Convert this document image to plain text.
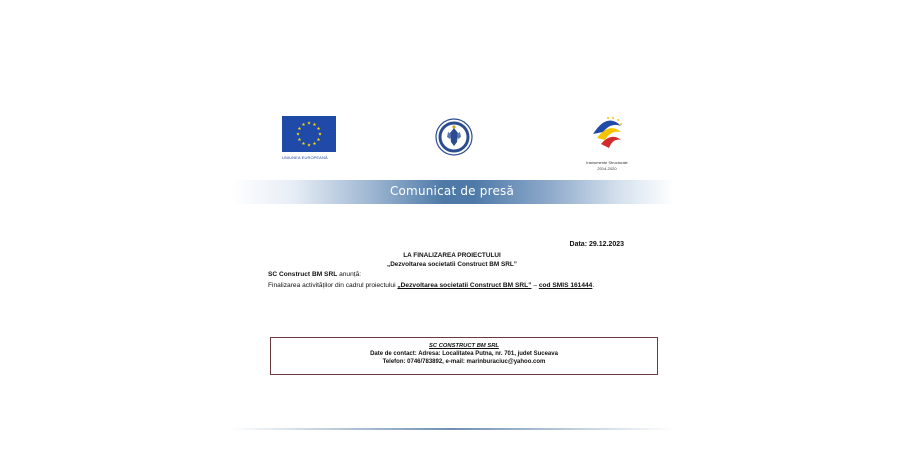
UNIUNEA EUROPEANĂ
Instrumente Structurale
2014-2020
Comunicat de presă
Data: 29.12.2023
LA FINALIZAREA PROIECTULUI
„Dezvoltarea societatii Construct BM SRL”
SC Construct BM SRL anunță:
Finalizarea activităților din cadrul proiectului „Dezvoltarea societatii Construct BM SRL” – cod SMIS 161444.
SC CONSTRUCT BM SRL
Date de contact: Adresa: Localitatea Putna, nr. 701, judet Suceava
Telefon: 0746/783892, e-mail: marinburaciuc@yahoo.com
